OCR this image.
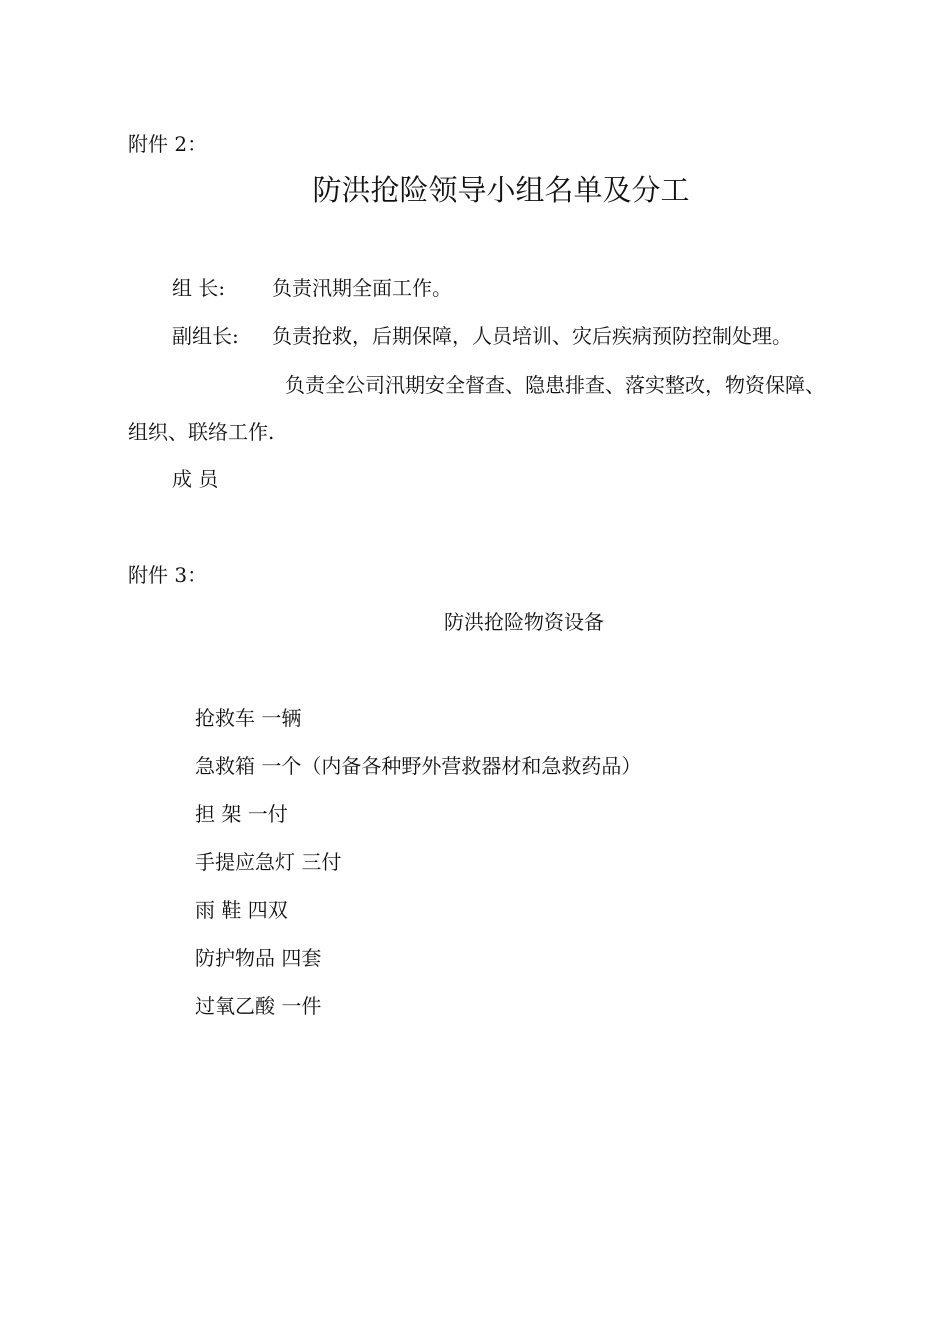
附件 2：
防洪抢险领导小组名单及分工
组 长: 负责汛期全面工作。
副组长: 负责抢救，后期保障，人员培训、灾后疾病预防控制处理。
负责全公司汛期安全督查、隐患排查、落实整改，物资保障、
组织、联络工作.
成 员
附件 3：
防洪抢险物资设备
抢救车 一辆
急救箱 一个（内备各种野外营救器材和急救药品）
担 架 一付
手提应急灯 三付
雨 鞋 四双
防护物品 四套
过氧乙酸 一件
